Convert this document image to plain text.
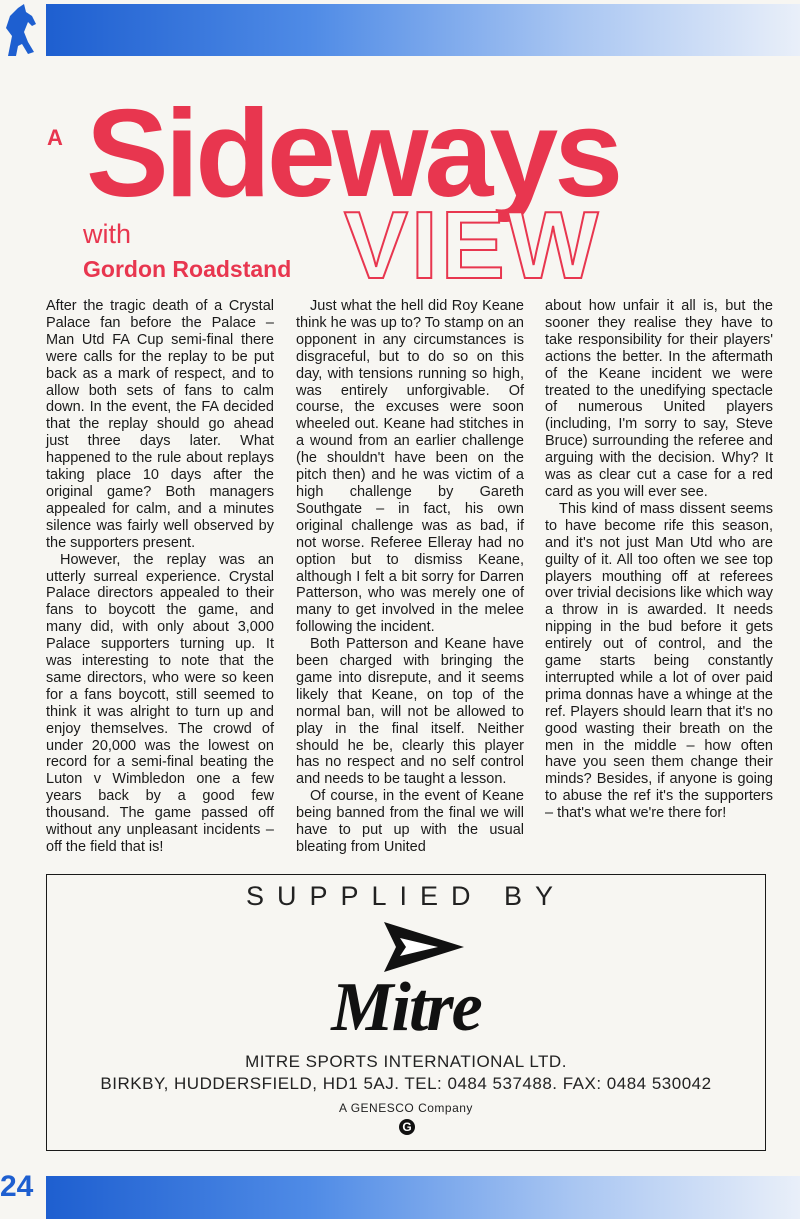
A Sideways
with
Gordon Roadstand VIEW

After the tragic death of a Crystal Palace fan before the Palace – Man Utd FA Cup semi-final there were calls for the replay to be put back as a mark of respect, and to allow both sets of fans to calm down. In the event, the FA decided that the replay should go ahead just three days later. What happened to the rule about replays taking place 10 days after the original game? Both managers appealed for calm, and a minutes silence was fairly well observed by the supporters present.

However, the replay was an utterly surreal experience. Crystal Palace directors appealed to their fans to boycott the game, and many did, with only about 3,000 Palace supporters turning up. It was interesting to note that the same directors, who were so keen for a fans boycott, still seemed to think it was alright to turn up and enjoy themselves. The crowd of under 20,000 was the lowest on record for a semi-final beating the Luton v Wimbledon one a few years back by a good few thousand. The game passed off without any unpleasant incidents – off the field that is!

Just what the hell did Roy Keane think he was up to? To stamp on an opponent in any circumstances is disgraceful, but to do so on this day, with tensions running so high, was entirely unforgivable. Of course, the excuses were soon wheeled out. Keane had stitches in a wound from an earlier challenge (he shouldn't have been on the pitch then) and he was victim of a high challenge by Gareth Southgate – in fact, his own original challenge was as bad, if not worse. Referee Elleray had no option but to dismiss Keane, although I felt a bit sorry for Darren Patterson, who was merely one of many to get involved in the melee following the incident.

Both Patterson and Keane have been charged with bringing the game into disrepute, and it seems likely that Keane, on top of the normal ban, will not be allowed to play in the final itself. Neither should he be, clearly this player has no respect and no self control and needs to be taught a lesson.

Of course, in the event of Keane being banned from the final we will have to put up with the usual bleating from United

about how unfair it all is, but the sooner they realise they have to take responsibility for their players' actions the better. In the aftermath of the Keane incident we were treated to the unedifying spectacle of numerous United players (including, I'm sorry to say, Steve Bruce) surrounding the referee and arguing with the decision. Why? It was as clear cut a case for a red card as you will ever see.

This kind of mass dissent seems to have become rife this season, and it's not just Man Utd who are guilty of it. All too often we see top players mouthing off at referees over trivial decisions like which way a throw in is awarded. It needs nipping in the bud before it gets entirely out of control, and the game starts being constantly interrupted while a lot of over paid prima donnas have a whinge at the ref. Players should learn that it's no good wasting their breath on the men in the middle – how often have you seen them change their minds? Besides, if anyone is going to abuse the ref it's the supporters – that's what we're there for!

SUPPLIED BY
Mitre
MITRE SPORTS INTERNATIONAL LTD.
BIRKBY, HUDDERSFIELD, HD1 5AJ. TEL: 0484 537488. FAX: 0484 530042
A GENESCO Company
G
24
